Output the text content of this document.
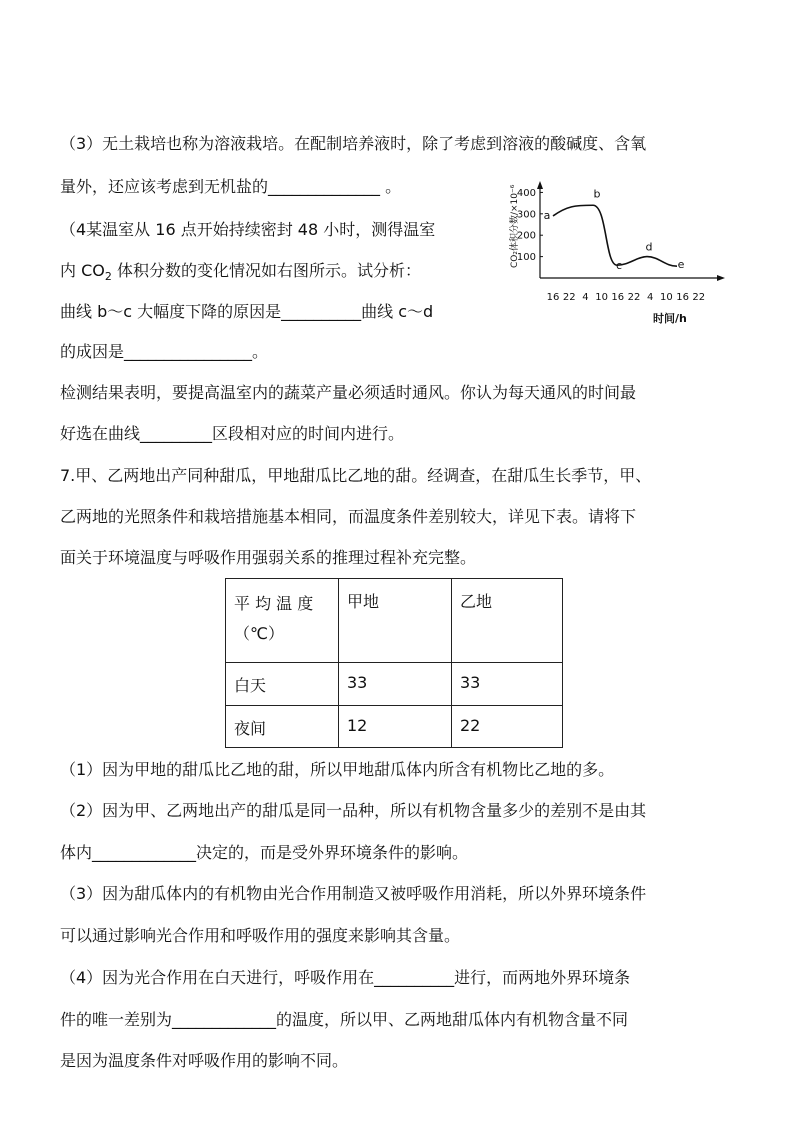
（3）无土栽培也称为溶液栽培。在配制培养液时，除了考虑到溶液的酸碱度、含氧
量外，还应该考虑到无机盐的______________ 。
（4某温室从 16 点开始持续密封 48 小时，测得温室
内 $CO_2$ 体积分数的变化情况如右图所示。试分析：
曲线 b～c 大幅度下降的原因是__________曲线 c～d
的成因是________________。
检测结果表明，要提高温室内的蔬菜产量必须适时通风。你认为每天通风的时间最
好选在曲线_________区段相对应的时间内进行。
CO₂体积分数/×10⁻⁶
100
200
300
400
16 22 4 10 16 22 4 10 16 22
a
b
c
d
e
时间/h
7.甲、乙两地出产同种甜瓜，甲地甜瓜比乙地的甜。经调查，在甜瓜生长季节，甲、
乙两地的光照条件和栽培措施基本相同，而温度条件差别较大，详见下表。请将下
面关于环境温度与呼吸作用强弱关系的推理过程补充完整。
平 均 温 度
（℃）	甲地	乙地
白天	33	33
夜间	12	22
（1）因为甲地的甜瓜比乙地的甜，所以甲地甜瓜体内所含有机物比乙地的多。
（2）因为甲、乙两地出产的甜瓜是同一品种，所以有机物含量多少的差别不是由其
体内_____________决定的，而是受外界环境条件的影响。
（3）因为甜瓜体内的有机物由光合作用制造又被呼吸作用消耗，所以外界环境条件
可以通过影响光合作用和呼吸作用的强度来影响其含量。
（4）因为光合作用在白天进行，呼吸作用在__________进行，而两地外界环境条
件的唯一差别为_____________的温度，所以甲、乙两地甜瓜体内有机物含量不同
是因为温度条件对呼吸作用的影响不同。
